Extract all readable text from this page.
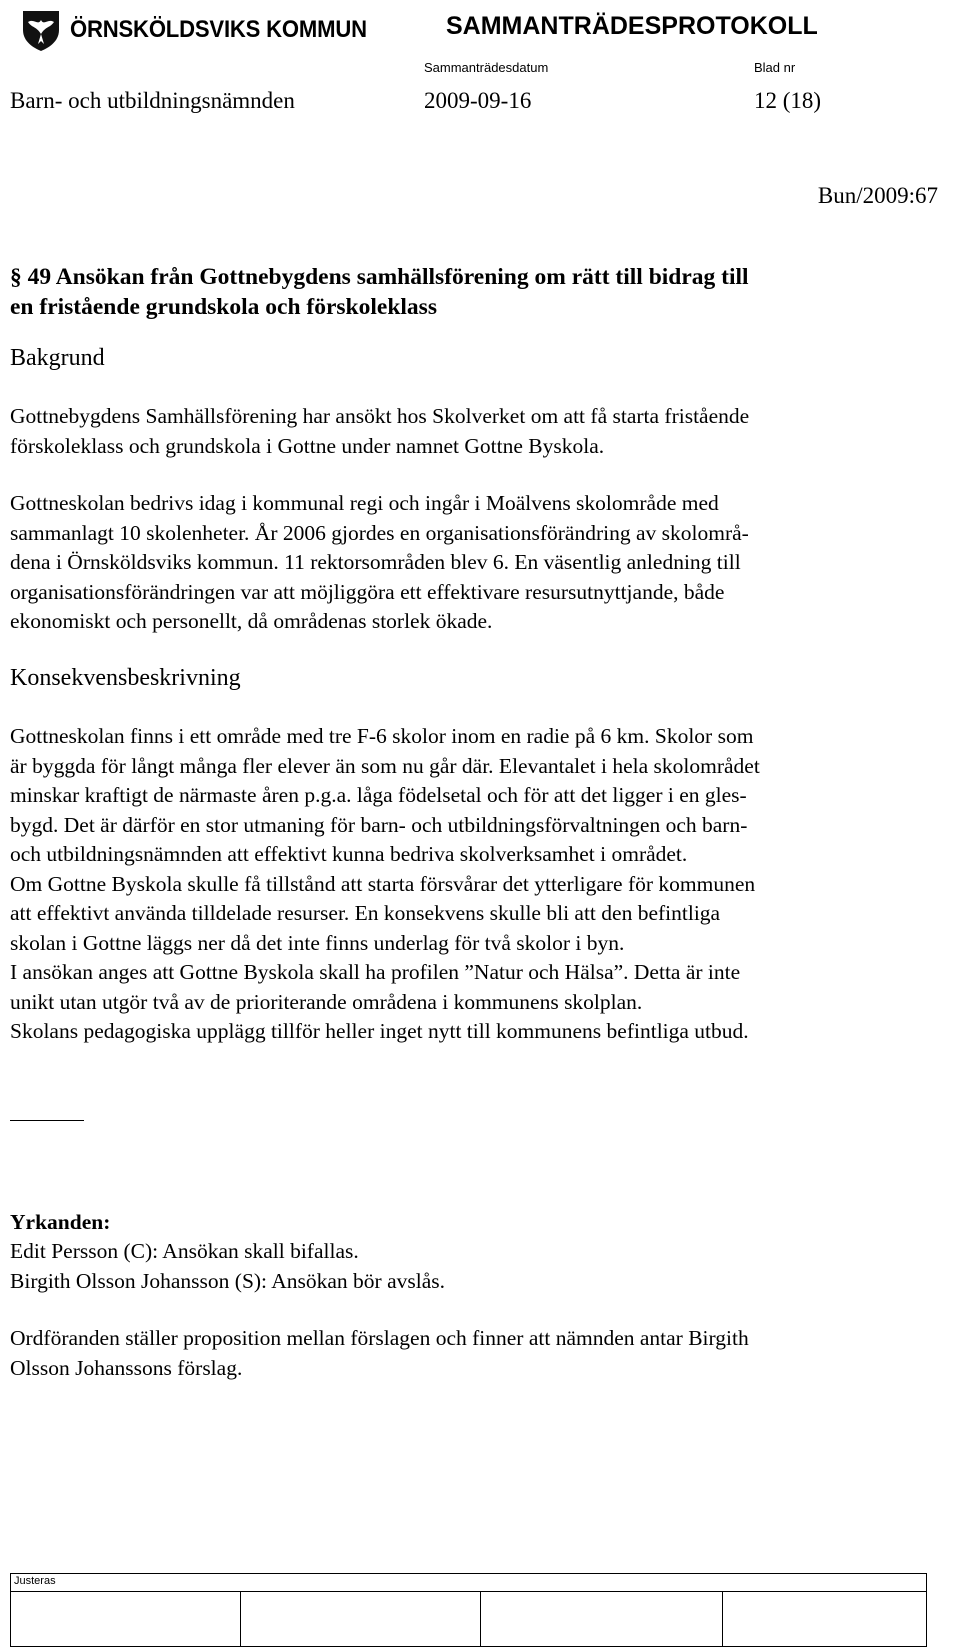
ÖRNSKÖLDSVIKS KOMMUN	SAMMANTRÄDESPROTOKOLL
Sammanträdesdatum	Blad nr
Barn- och utbildningsnämnden	2009-09-16	12 (18)
Bun/2009:67

§ 49 Ansökan från Gottnebygdens samhällsförening om rätt till bidrag till

en fristående grundskola och förskoleklass

Bakgrund

Gottnebygdens Samhällsförening har ansökt hos Skolverket om att få starta fristående

förskoleklass och grundskola i Gottne under namnet Gottne Byskola.

Gottneskolan bedrivs idag i kommunal regi och ingår i Moälvens skolområde med

sammanlagt 10 skolenheter. År 2006 gjordes en organisationsförändring av skolområ-

dena i Örnsköldsviks kommun. 11 rektorsområden blev 6. En väsentlig anledning till

organisationsförändringen var att möjliggöra ett effektivare resursutnyttjande, både

ekonomiskt och personellt, då områdenas storlek ökade.

Konsekvensbeskrivning

Gottneskolan finns i ett område med tre F-6 skolor inom en radie på 6 km. Skolor som

är byggda för långt många fler elever än som nu går där. Elevantalet i hela skolområdet

minskar kraftigt de närmaste åren p.g.a. låga födelsetal och för att det ligger i en gles-

bygd. Det är därför en stor utmaning för barn- och utbildningsförvaltningen och barn-

och utbildningsnämnden att effektivt kunna bedriva skolverksamhet i området.

Om Gottne Byskola skulle få tillstånd att starta försvårar det ytterligare för kommunen

att effektivt använda tilldelade resurser. En konsekvens skulle bli att den befintliga

skolan i Gottne läggs ner då det inte finns underlag för två skolor i byn.

I ansökan anges att Gottne Byskola skall ha profilen ”Natur och Hälsa”. Detta är inte

unikt utan utgör två av de prioriterande områdena i kommunens skolplan.

Skolans pedagogiska upplägg tillför heller inget nytt till kommunens befintliga utbud.

Yrkanden:

Edit Persson (C): Ansökan skall bifallas.

Birgith Olsson Johansson (S): Ansökan bör avslås.

Ordföranden ställer proposition mellan förslagen och finner att nämnden antar Birgith

Olsson Johanssons förslag.

Justeras
